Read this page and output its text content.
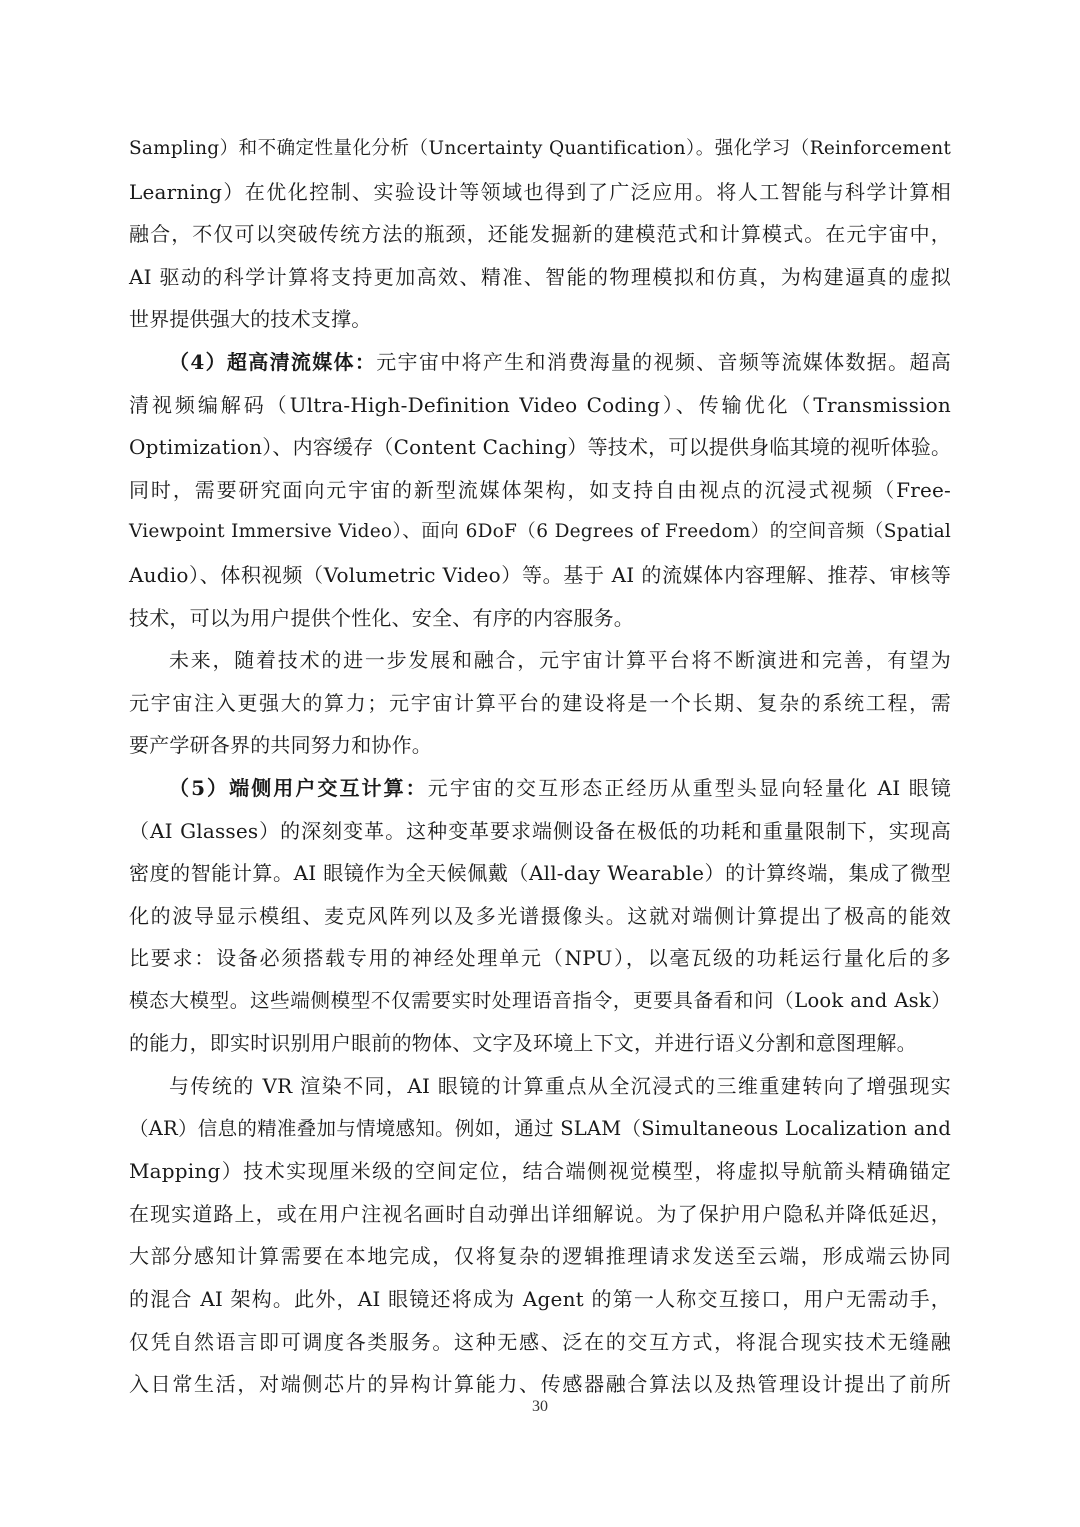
Sampling）和不确定性量化分析（Uncertainty Quantification）。强化学习（Reinforcement
Learning）在优化控制、实验设计等领域也得到了广泛应用。将人工智能与科学计算相
融合，不仅可以突破传统方法的瓶颈，还能发掘新的建模范式和计算模式。在元宇宙中，
AI 驱动的科学计算将支持更加高效、精准、智能的物理模拟和仿真，为构建逼真的虚拟
世界提供强大的技术支撑。
（4）超高清流媒体：元宇宙中将产生和消费海量的视频、音频等流媒体数据。超高
清视频编解码（Ultra-High-Definition Video Coding）、传输优化（Transmission
Optimization）、内容缓存（Content Caching）等技术，可以提供身临其境的视听体验。
同时，需要研究面向元宇宙的新型流媒体架构，如支持自由视点的沉浸式视频（Free-
Viewpoint Immersive Video）、面向 6DoF（6 Degrees of Freedom）的空间音频（Spatial
Audio）、体积视频（Volumetric Video）等。基于 AI 的流媒体内容理解、推荐、审核等
技术，可以为用户提供个性化、安全、有序的内容服务。
未来，随着技术的进一步发展和融合，元宇宙计算平台将不断演进和完善，有望为
元宇宙注入更强大的算力；元宇宙计算平台的建设将是一个长期、复杂的系统工程，需
要产学研各界的共同努力和协作。
（5）端侧用户交互计算：元宇宙的交互形态正经历从重型头显向轻量化 AI 眼镜
（AI Glasses）的深刻变革。这种变革要求端侧设备在极低的功耗和重量限制下，实现高
密度的智能计算。AI 眼镜作为全天候佩戴（All-day Wearable）的计算终端，集成了微型
化的波导显示模组、麦克风阵列以及多光谱摄像头。这就对端侧计算提出了极高的能效
比要求：设备必须搭载专用的神经处理单元（NPU），以毫瓦级的功耗运行量化后的多
模态大模型。这些端侧模型不仅需要实时处理语音指令，更要具备看和问（Look and Ask）
的能力，即实时识别用户眼前的物体、文字及环境上下文，并进行语义分割和意图理解。
与传统的 VR 渲染不同，AI 眼镜的计算重点从全沉浸式的三维重建转向了增强现实
（AR）信息的精准叠加与情境感知。例如，通过 SLAM（Simultaneous Localization and
Mapping）技术实现厘米级的空间定位，结合端侧视觉模型，将虚拟导航箭头精确锚定
在现实道路上，或在用户注视名画时自动弹出详细解说。为了保护用户隐私并降低延迟，
大部分感知计算需要在本地完成，仅将复杂的逻辑推理请求发送至云端，形成端云协同
的混合 AI 架构。此外，AI 眼镜还将成为 Agent 的第一人称交互接口，用户无需动手，
仅凭自然语言即可调度各类服务。这种无感、泛在的交互方式，将混合现实技术无缝融
入日常生活，对端侧芯片的异构计算能力、传感器融合算法以及热管理设计提出了前所
30
